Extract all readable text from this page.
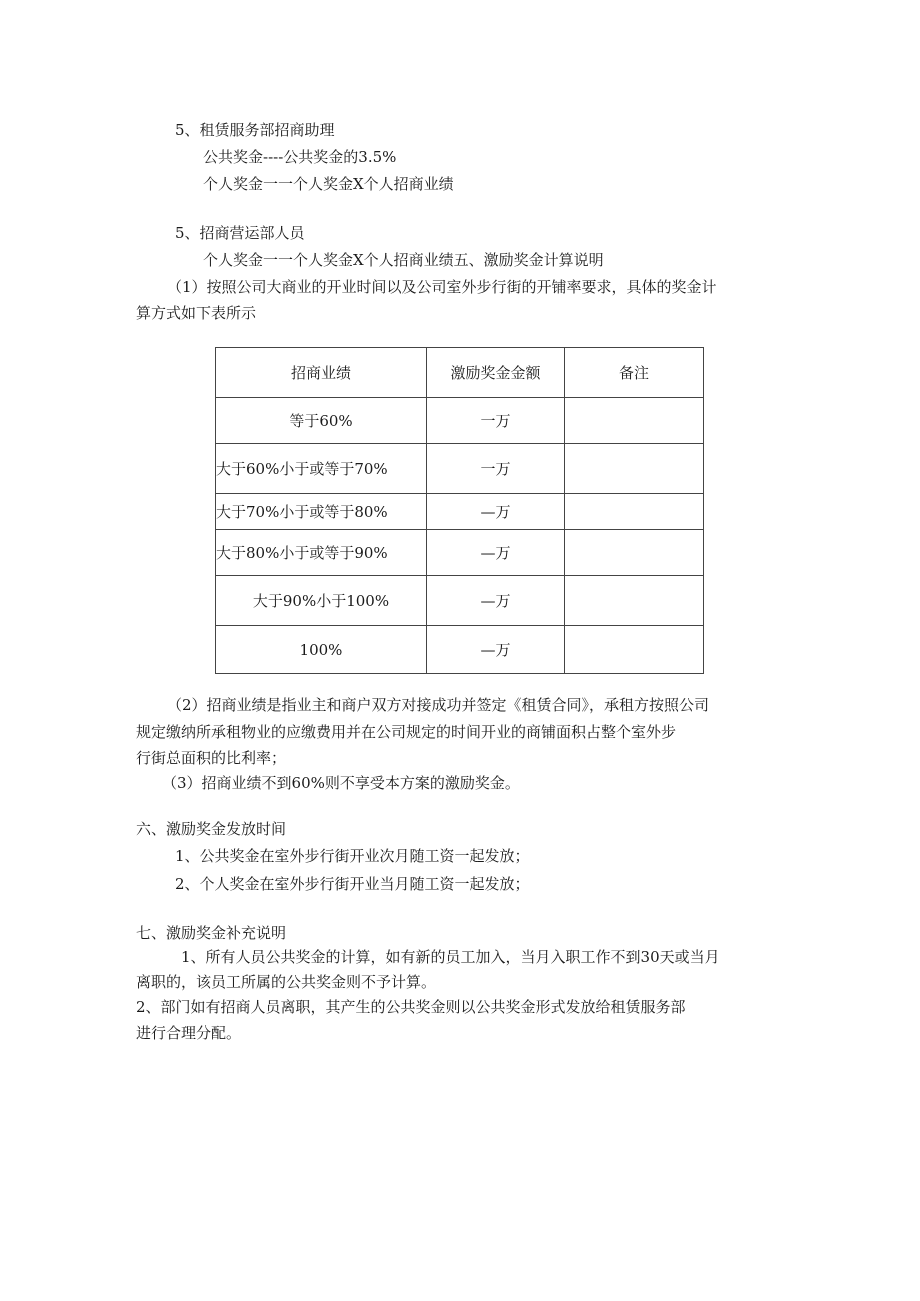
5、租赁服务部招商助理
公共奖金----公共奖金的3.5%
个人奖金一一个人奖金X个人招商业绩
5、招商营运部人员
个人奖金一一个人奖金X个人招商业绩五、激励奖金计算说明
（1）按照公司大商业的开业时间以及公司室外步行街的开铺率要求，具体的奖金计
算方式如下表所示
招商业绩	激励奖金金额	备注
等于60%	一万	
大于60%小于或等于70%	一万	
大于70%小于或等于80%	—万	
大于80%小于或等于90%	—万	
大于90%小于100%	—万	
100%	—万	
（2）招商业绩是指业主和商户双方对接成功并签定《租赁合同》，承租方按照公司
规定缴纳所承租物业的应缴费用并在公司规定的时间开业的商铺面积占整个室外步
行街总面积的比利率；
（3）招商业绩不到60%则不享受本方案的激励奖金。
六、激励奖金发放时间
1、公共奖金在室外步行街开业次月随工资一起发放；
2、个人奖金在室外步行街开业当月随工资一起发放；
七、激励奖金补充说明
1、所有人员公共奖金的计算，如有新的员工加入，当月入职工作不到30天或当月
离职的，该员工所属的公共奖金则不予计算。
2、部门如有招商人员离职，其产生的公共奖金则以公共奖金形式发放给租赁服务部
进行合理分配。
